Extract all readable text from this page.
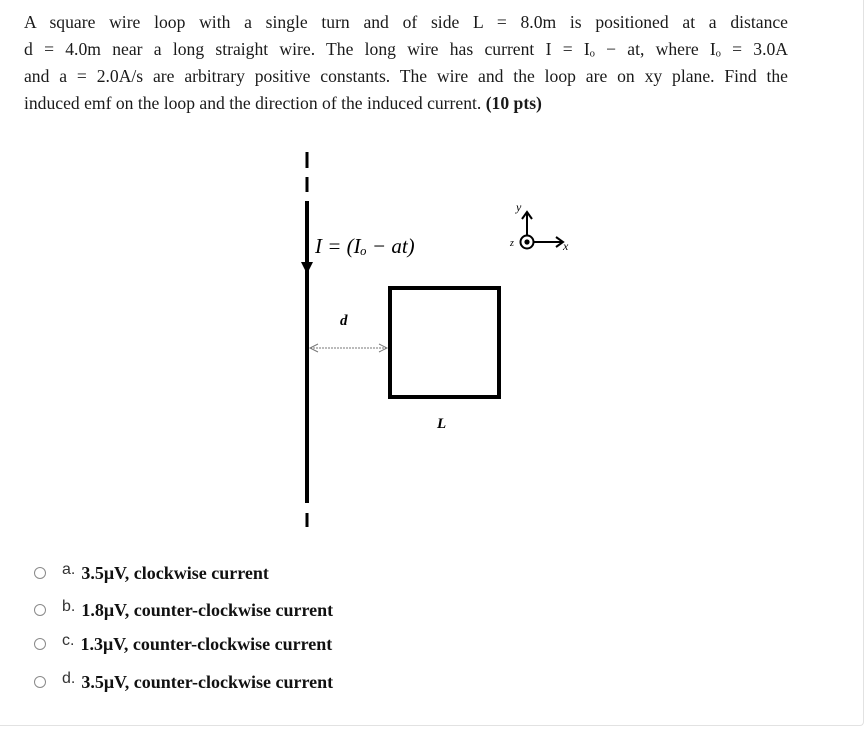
A square wire loop with a single turn and of side L = 8.0m is positioned at a distance
d = 4.0m near a long straight wire. The long wire has current I = Iₒ − at, where Iₒ = 3.0A
and a = 2.0A/s are arbitrary positive constants. The wire and the loop are on xy plane. Find the
induced emf on the loop and the direction of the induced current. (10 pts)

I = (Iₒ − at)
d
L
y
x
z
a. 3.5μV, clockwise current
b. 1.8μV, counter-clockwise current
c. 1.3μV, counter-clockwise current
d. 3.5μV, counter-clockwise current
